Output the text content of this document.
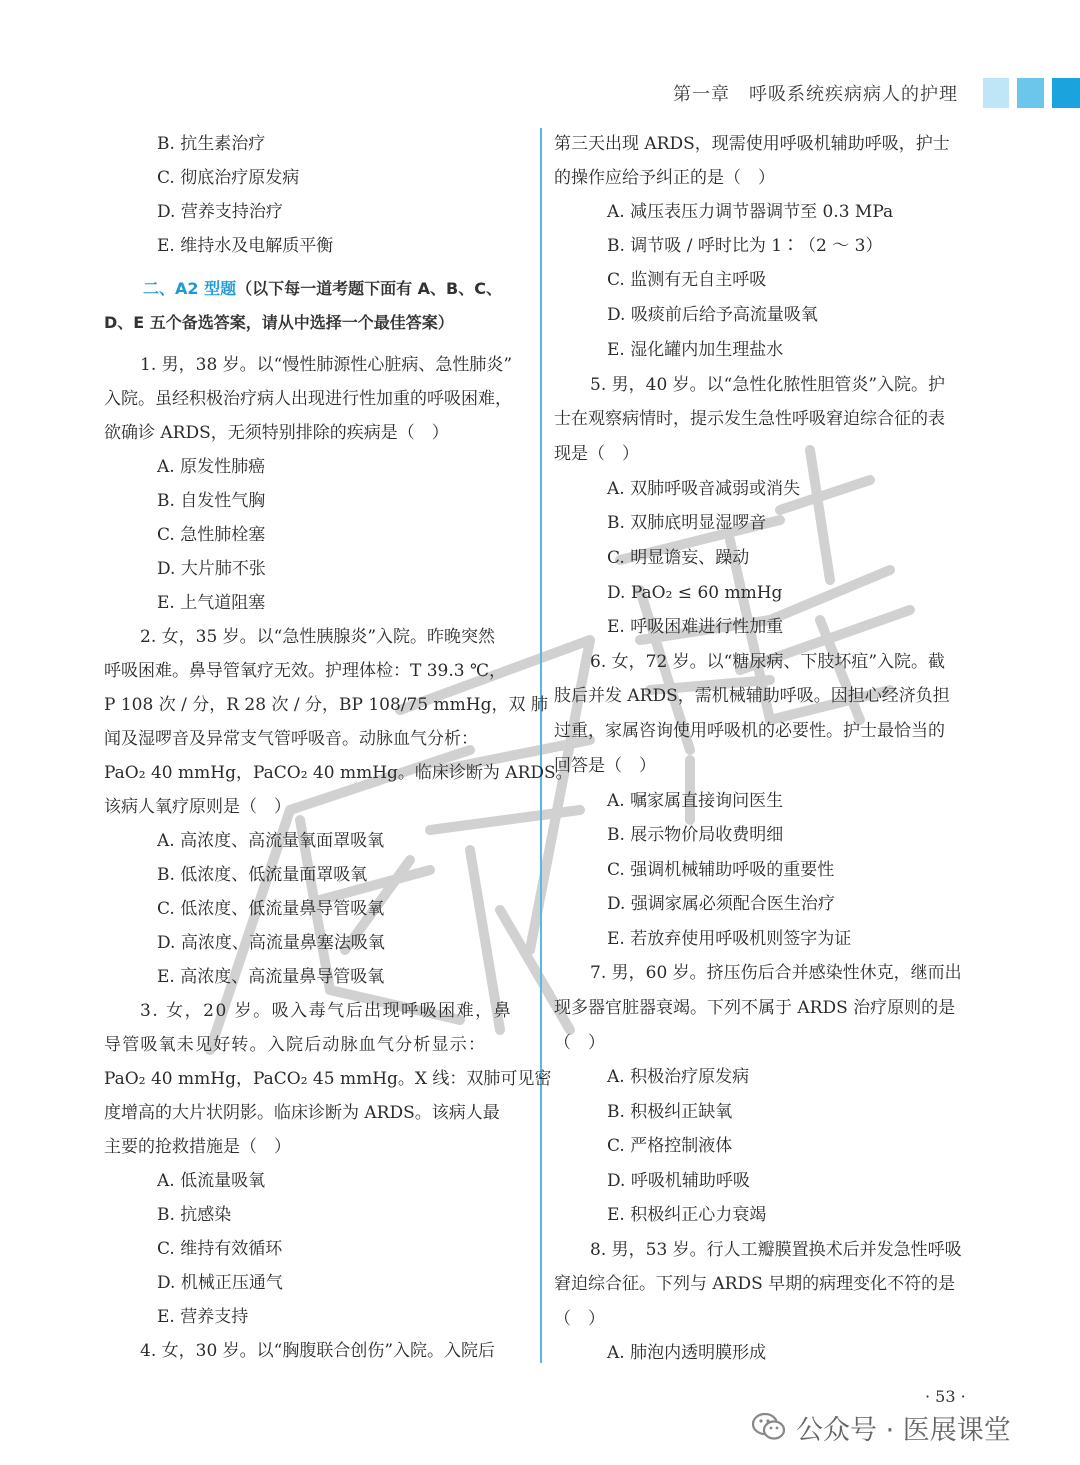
第一章　呼吸系统疾病病人的护理
B. 抗生素治疗
C. 彻底治疗原发病
D. 营养支持治疗
E. 维持水及电解质平衡
二、A2 型题（以下每一道考题下面有 A、B、C、
D、E 五个备选答案，请从中选择一个最佳答案）
1. 男，38 岁。以“慢性肺源性心脏病、急性肺炎”
入院。虽经积极治疗病人出现进行性加重的呼吸困难，
欲确诊 ARDS，无须特别排除的疾病是（　）
A. 原发性肺癌
B. 自发性气胸
C. 急性肺栓塞
D. 大片肺不张
E. 上气道阻塞
2. 女，35 岁。以“急性胰腺炎”入院。昨晚突然
呼吸困难。鼻导管氧疗无效。护理体检：T 39.3 ℃，
P 108 次 / 分，R 28 次 / 分，BP 108/75 mmHg， 双 肺
闻及湿啰音及异常支气管呼吸音。动脉血气分析：
PaO₂ 40 mmHg，PaCO₂ 40 mmHg。临床诊断为 ARDS。
该病人氧疗原则是（　）
A. 高浓度、高流量氧面罩吸氧
B. 低浓度、低流量面罩吸氧
C. 低浓度、低流量鼻导管吸氧
D. 高浓度、高流量鼻塞法吸氧
E. 高浓度、高流量鼻导管吸氧
3. 女，20 岁。吸入毒气后出现呼吸困难，鼻
导管吸氧未见好转。入院后动脉血气分析显示：
PaO₂ 40 mmHg，PaCO₂ 45 mmHg。X 线：双肺可见密
度增高的大片状阴影。临床诊断为 ARDS。该病人最
主要的抢救措施是（　）
A. 低流量吸氧
B. 抗感染
C. 维持有效循环
D. 机械正压通气
E. 营养支持
4. 女，30 岁。以“胸腹联合创伤”入院。入院后
第三天出现 ARDS，现需使用呼吸机辅助呼吸，护士
的操作应给予纠正的是（　）
A. 减压表压力调节器调节至 0.3 MPa
B. 调节吸 / 呼时比为 1∶（2 ～ 3）
C. 监测有无自主呼吸
D. 吸痰前后给予高流量吸氧
E. 湿化罐内加生理盐水
5. 男，40 岁。以“急性化脓性胆管炎”入院。护
士在观察病情时，提示发生急性呼吸窘迫综合征的表
现是（　）
A. 双肺呼吸音减弱或消失
B. 双肺底明显湿啰音
C. 明显谵妄、躁动
D. PaO₂ ≤ 60 mmHg
E. 呼吸困难进行性加重
6. 女，72 岁。以“糖尿病、下肢坏疽”入院。截
肢后并发 ARDS，需机械辅助呼吸。因担心经济负担
过重，家属咨询使用呼吸机的必要性。护士最恰当的
回答是（　）
A. 嘱家属直接询问医生
B. 展示物价局收费明细
C. 强调机械辅助呼吸的重要性
D. 强调家属必须配合医生治疗
E. 若放弃使用呼吸机则签字为证
7. 男，60 岁。挤压伤后合并感染性休克，继而出
现多器官脏器衰竭。下列不属于 ARDS 治疗原则的是
（　）
A. 积极治疗原发病
B. 积极纠正缺氧
C. 严格控制液体
D. 呼吸机辅助呼吸
E. 积极纠正心力衰竭
8. 男，53 岁。行人工瓣膜置换术后并发急性呼吸
窘迫综合征。下列与 ARDS 早期的病理变化不符的是
（　）
A. 肺泡内透明膜形成
· 53 ·
公众号 · 医展课堂
